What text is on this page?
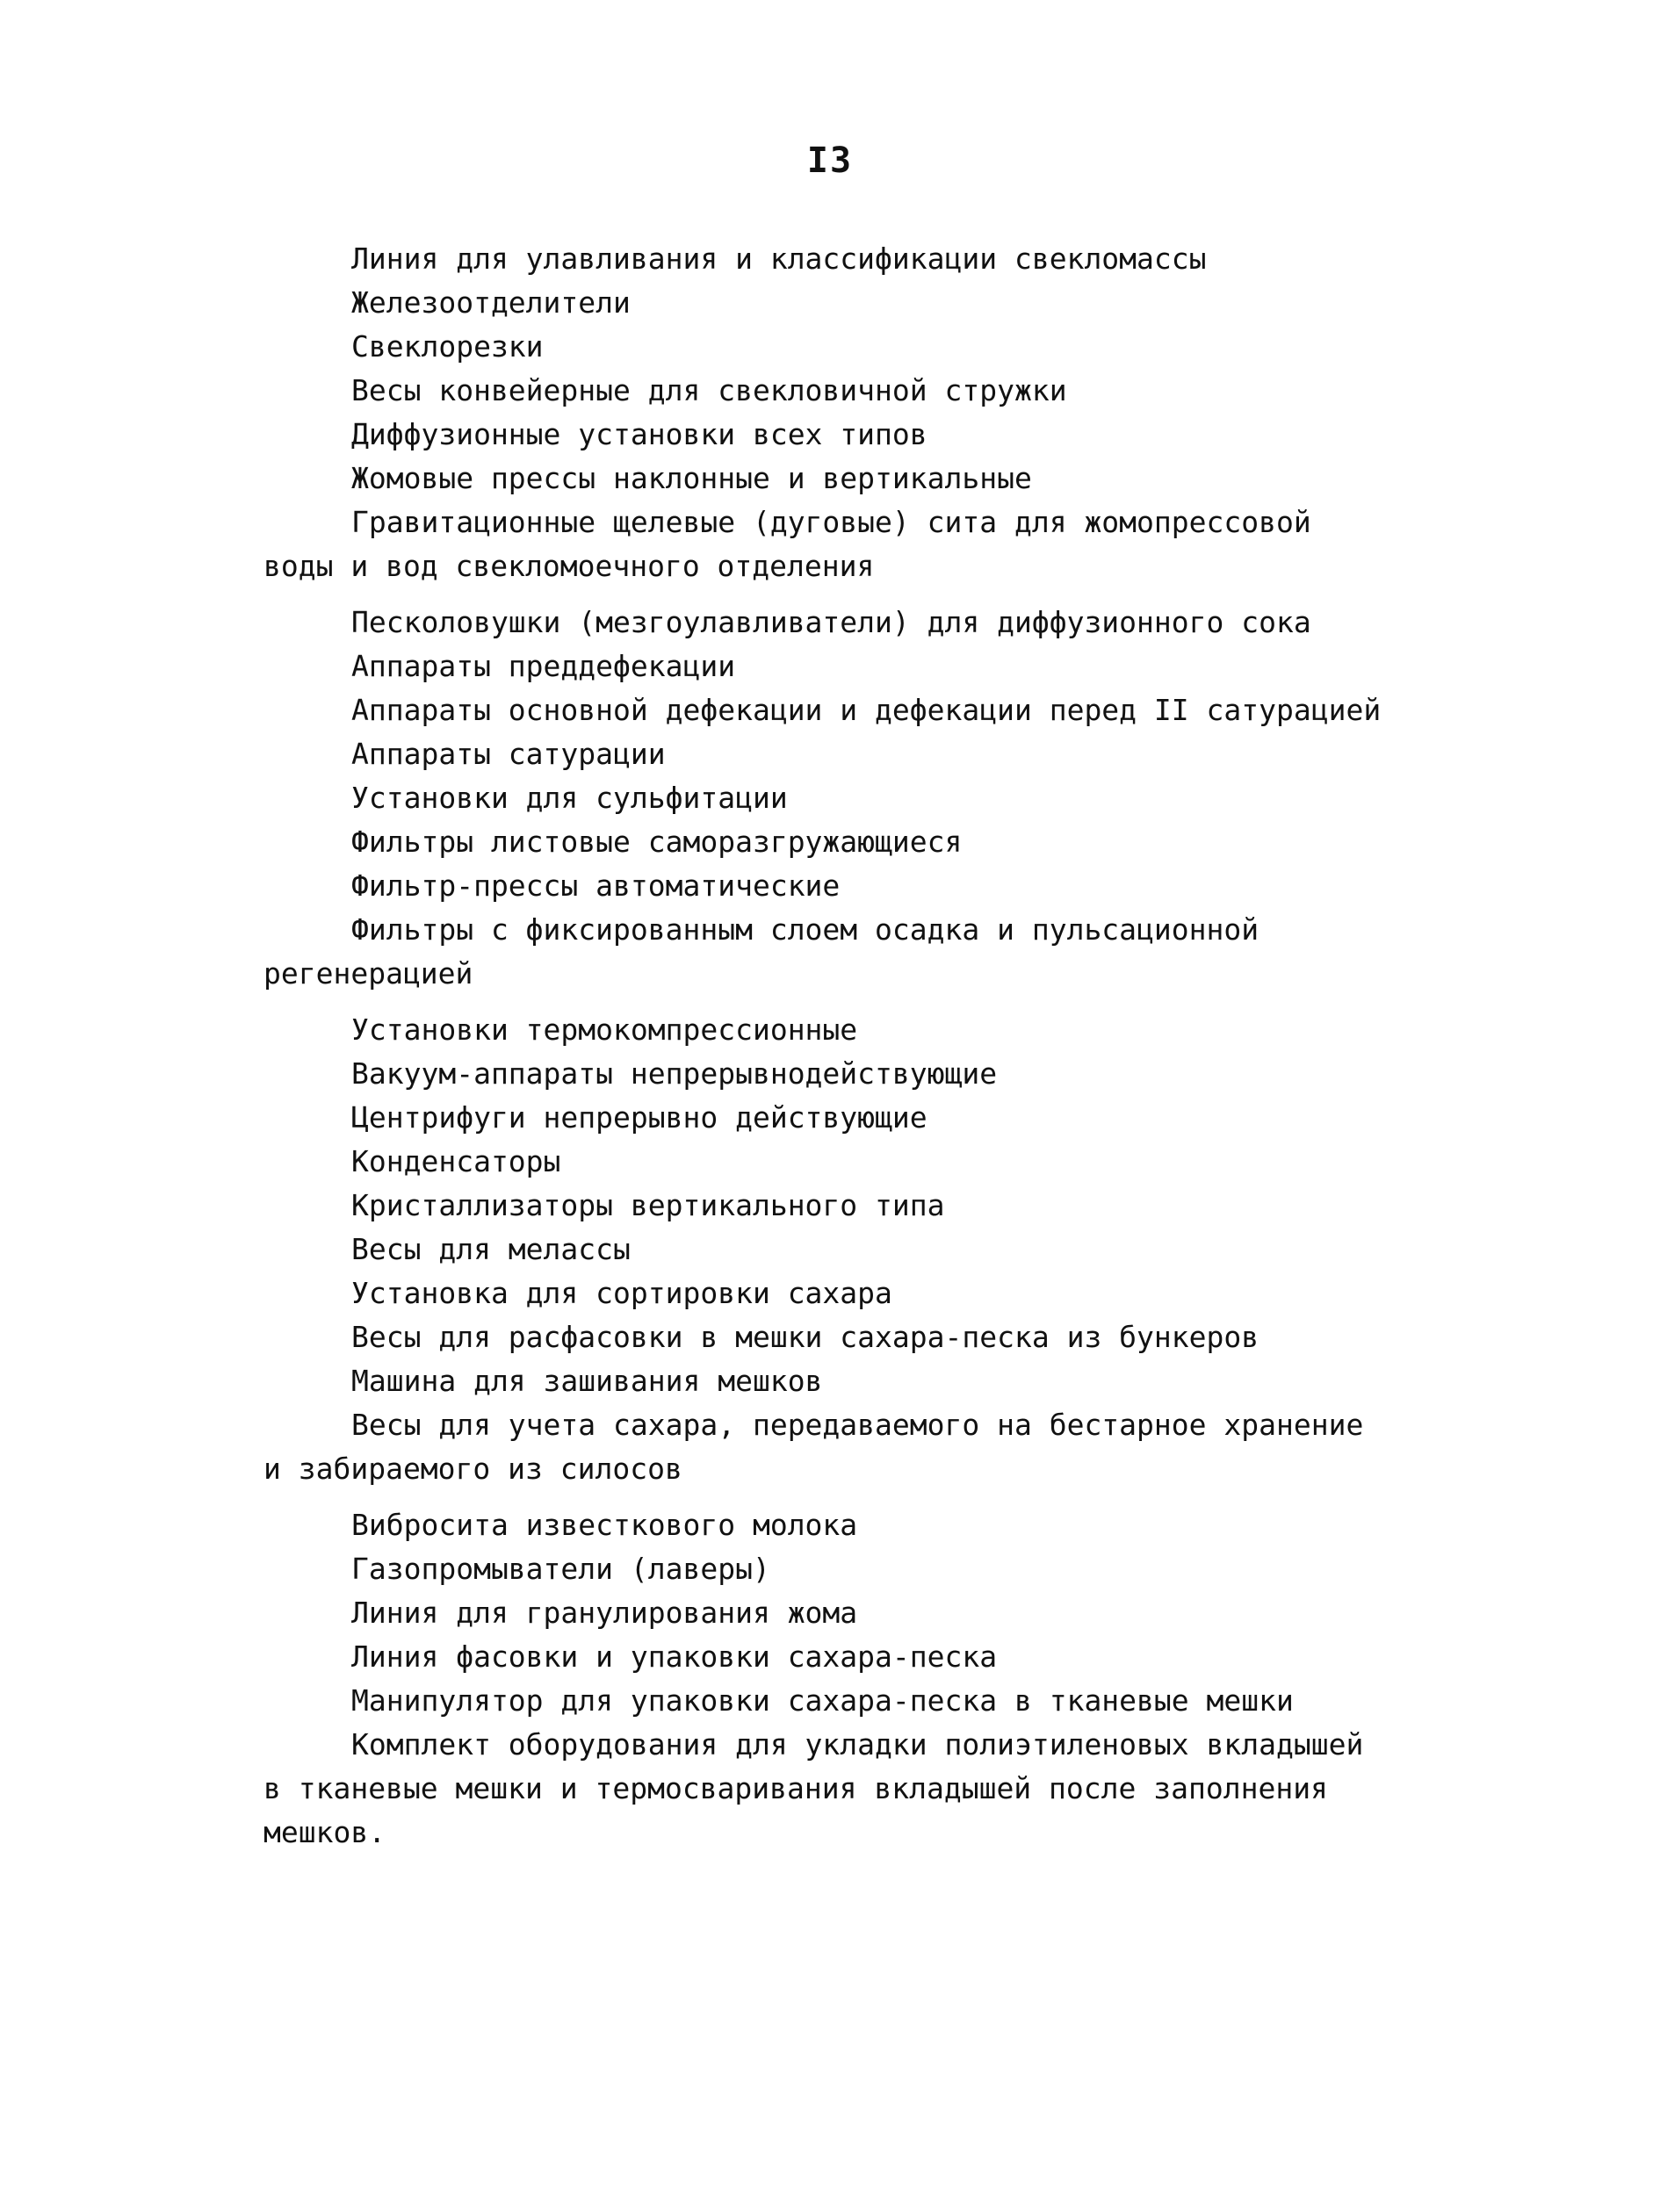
I3
Линия для улавливания и классификации свекломассы
Железоотделители
Свеклорезки
Весы конвейерные для свекловичной стружки
Диффузионные установки всех типов
Жомовые прессы наклонные и вертикальные
Гравитационные щелевые (дуговые) сита для жомопрессовой
воды и вод свекломоечного отделения
Песколовушки (мезгоулавливатели) для диффузионного сока
Аппараты преддефекации
Аппараты основной дефекации и дефекации перед II сатурацией
Аппараты сатурации
Установки для сульфитации
Фильтры листовые саморазгружающиеся
Фильтр-прессы автоматические
Фильтры с фиксированным слоем осадка и пульсационной
регенерацией
Установки термокомпрессионные
Вакуум-аппараты непрерывнодействующие
Центрифуги непрерывно действующие
Конденсаторы
Кристаллизаторы вертикального типа
Весы для мелассы
Установка для сортировки сахара
Весы для расфасовки в мешки сахара-песка из бункеров
Машина для зашивания мешков
Весы для учета сахара, передаваемого на бестарное хранение
и забираемого из силосов
Вибросита известкового молока
Газопромыватели (лаверы)
Линия для гранулирования жома
Линия фасовки и упаковки сахара-песка
Манипулятор для упаковки сахара-песка в тканевые мешки
Комплект оборудования для укладки полиэтиленовых вкладышей
в тканевые мешки и термосваривания вкладышей после заполнения
мешков.
